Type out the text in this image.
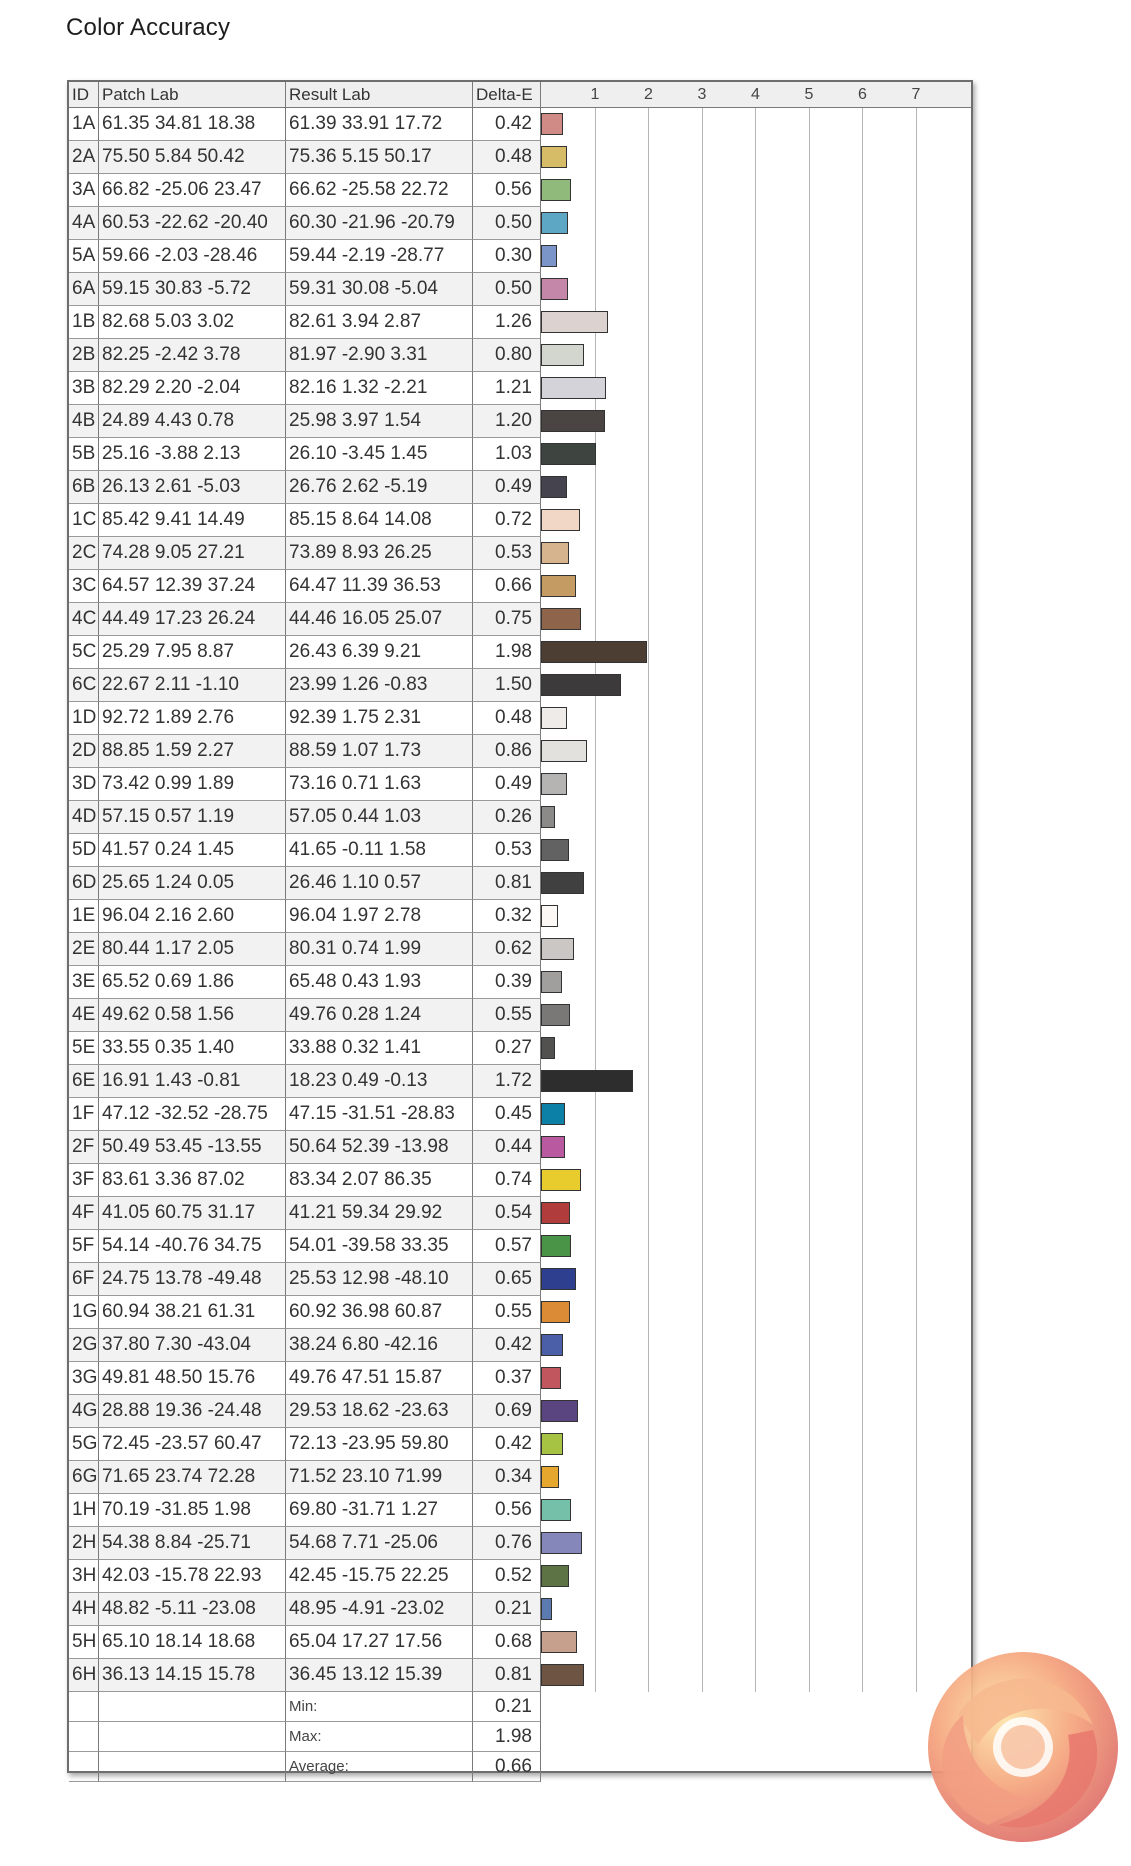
Color Accuracy
ID Patch Lab	Result Lab	Delta-E	1	2	3	4	5	6	7
1A 61.35 34.81 18.38	61.39 33.91 17.72	0.42
2A 75.50 5.84 50.42	75.36 5.15 50.17	0.48
3A 66.82 -25.06 23.47	66.62 -25.58 22.72	0.56
4A 60.53 -22.62 -20.40	60.30 -21.96 -20.79	0.50
5A 59.66 -2.03 -28.46	59.44 -2.19 -28.77	0.30
6A 59.15 30.83 -5.72	59.31 30.08 -5.04	0.50
1B 82.68 5.03 3.02	82.61 3.94 2.87	1.26
2B 82.25 -2.42 3.78	81.97 -2.90 3.31	0.80
3B 82.29 2.20 -2.04	82.16 1.32 -2.21	1.21
4B 24.89 4.43 0.78	25.98 3.97 1.54	1.20
5B 25.16 -3.88 2.13	26.10 -3.45 1.45	1.03
6B 26.13 2.61 -5.03	26.76 2.62 -5.19	0.49
1C 85.42 9.41 14.49	85.15 8.64 14.08	0.72
2C 74.28 9.05 27.21	73.89 8.93 26.25	0.53
3C 64.57 12.39 37.24	64.47 11.39 36.53	0.66
4C 44.49 17.23 26.24	44.46 16.05 25.07	0.75
5C 25.29 7.95 8.87	26.43 6.39 9.21	1.98
6C 22.67 2.11 -1.10	23.99 1.26 -0.83	1.50
1D 92.72 1.89 2.76	92.39 1.75 2.31	0.48
2D 88.85 1.59 2.27	88.59 1.07 1.73	0.86
3D 73.42 0.99 1.89	73.16 0.71 1.63	0.49
4D 57.15 0.57 1.19	57.05 0.44 1.03	0.26
5D 41.57 0.24 1.45	41.65 -0.11 1.58	0.53
6D 25.65 1.24 0.05	26.46 1.10 0.57	0.81
1E 96.04 2.16 2.60	96.04 1.97 2.78	0.32
2E 80.44 1.17 2.05	80.31 0.74 1.99	0.62
3E 65.52 0.69 1.86	65.48 0.43 1.93	0.39
4E 49.62 0.58 1.56	49.76 0.28 1.24	0.55
5E 33.55 0.35 1.40	33.88 0.32 1.41	0.27
6E 16.91 1.43 -0.81	18.23 0.49 -0.13	1.72
1F 47.12 -32.52 -28.75	47.15 -31.51 -28.83	0.45
2F 50.49 53.45 -13.55	50.64 52.39 -13.98	0.44
3F 83.61 3.36 87.02	83.34 2.07 86.35	0.74
4F 41.05 60.75 31.17	41.21 59.34 29.92	0.54
5F 54.14 -40.76 34.75	54.01 -39.58 33.35	0.57
6F 24.75 13.78 -49.48	25.53 12.98 -48.10	0.65
1G 60.94 38.21 61.31	60.92 36.98 60.87	0.55
2G 37.80 7.30 -43.04	38.24 6.80 -42.16	0.42
3G 49.81 48.50 15.76	49.76 47.51 15.87	0.37
4G 28.88 19.36 -24.48	29.53 18.62 -23.63	0.69
5G 72.45 -23.57 60.47	72.13 -23.95 59.80	0.42
6G 71.65 23.74 72.28	71.52 23.10 71.99	0.34
1H 70.19 -31.85 1.98	69.80 -31.71 1.27	0.56
2H 54.38 8.84 -25.71	54.68 7.71 -25.06	0.76
3H 42.03 -15.78 22.93	42.45 -15.75 22.25	0.52
4H 48.82 -5.11 -23.08	48.95 -4.91 -23.02	0.21
5H 65.10 18.14 18.68	65.04 17.27 17.56	0.68
6H 36.13 14.15 15.78	36.45 13.12 15.39	0.81
Min:	0.21
Max:	1.98
Average:	0.66
